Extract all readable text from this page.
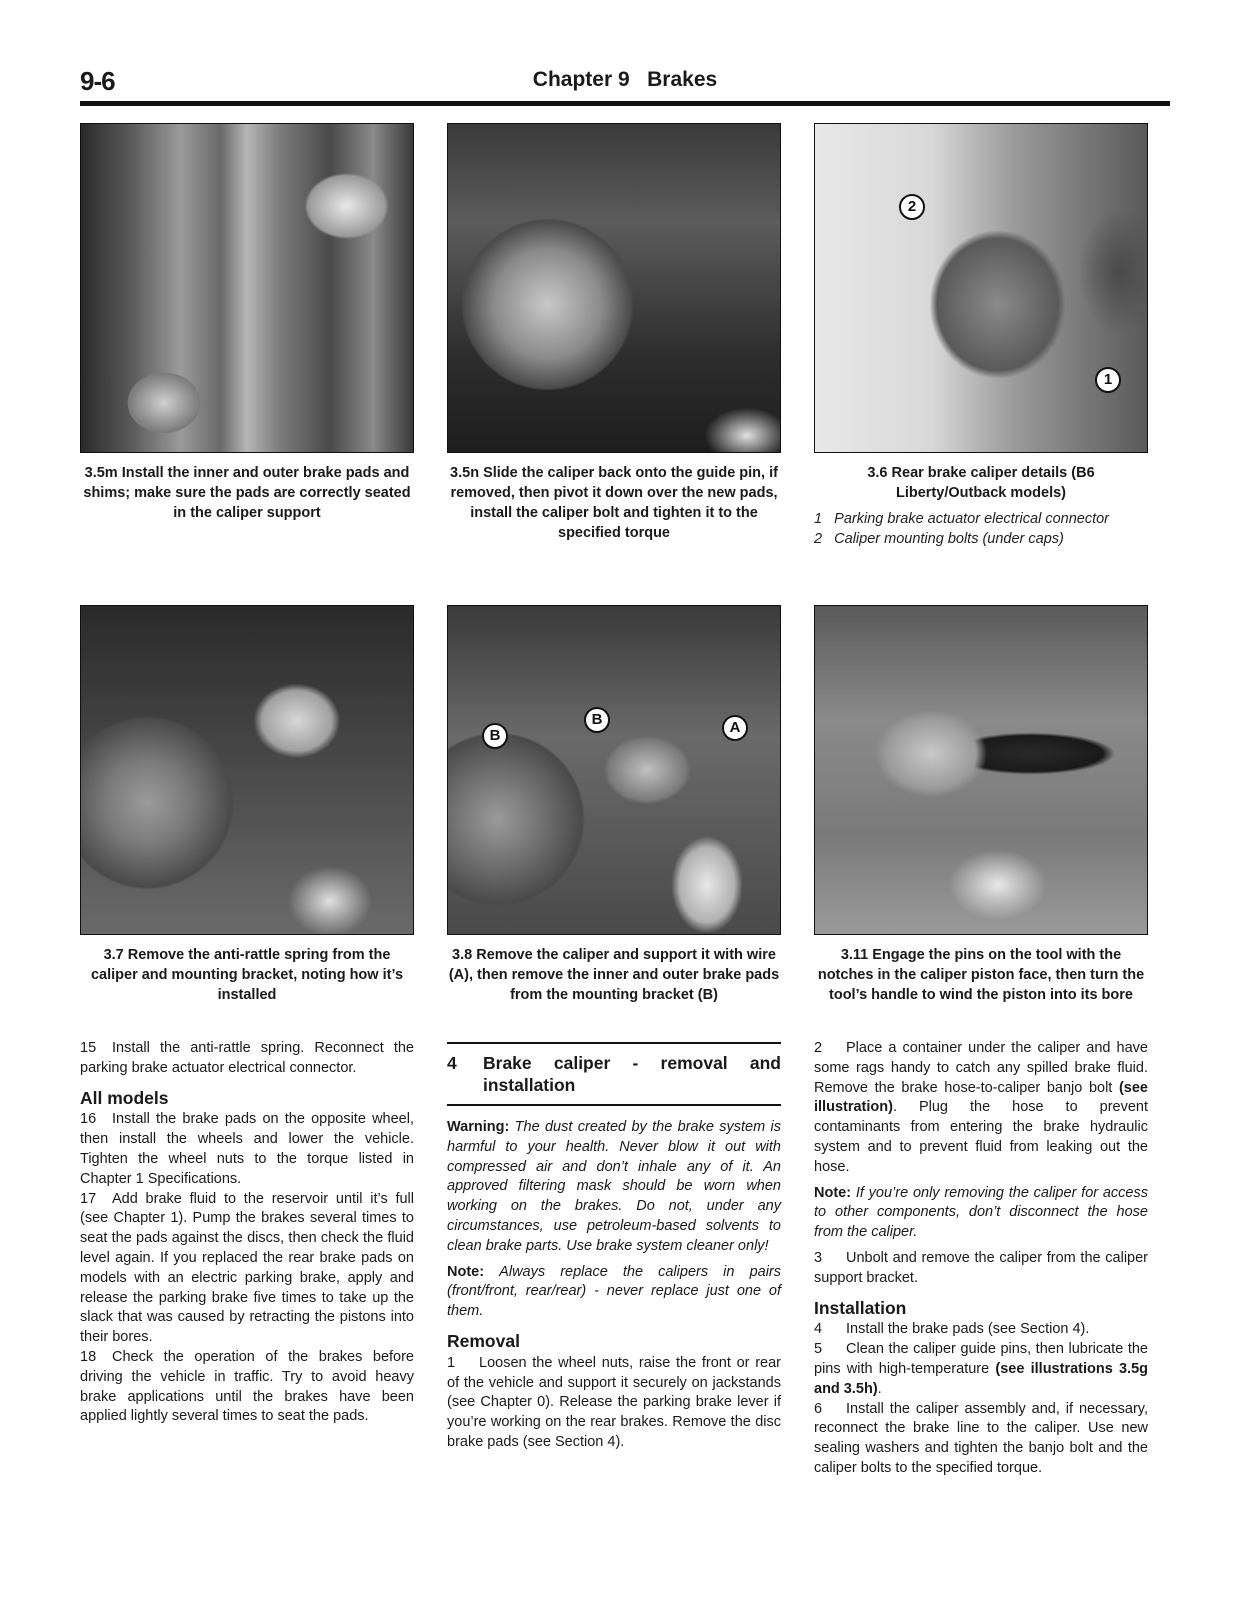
9-6	Chapter 9   Brakes
3.5m Install the inner and outer brake pads and shims; make sure the pads are correctly seated in the caliper support
3.5n Slide the caliper back onto the guide pin, if removed, then pivot it down over the new pads, install the caliper bolt and tighten it to the specified torque
2
1
3.6 Rear brake caliper details (B6 Liberty/Outback models)
1 Parking brake actuator electrical connector
2 Caliper mounting bolts (under caps)
3.7 Remove the anti-rattle spring from the caliper and mounting bracket, noting how it’s installed
B
B	A
3.8 Remove the caliper and support it with wire (A), then remove the inner and outer brake pads from the mounting bracket (B)
3.11 Engage the pins on the tool with the notches in the caliper piston face, then turn the tool’s handle to wind the piston into its bore

15 Install the anti-rattle spring. Reconnect the parking brake actuator electrical connector.

All models

16 Install the brake pads on the opposite wheel, then install the wheels and lower the vehicle. Tighten the wheel nuts to the torque listed in Chapter 1 Specifications.

17 Add brake fluid to the reservoir until it’s full (see Chapter 1). Pump the brakes several times to seat the pads against the discs, then check the fluid level again. If you replaced the rear brake pads on models with an electric parking brake, apply and release the parking brake five times to take up the slack that was caused by retracting the pistons into their bores.

18 Check the operation of the brakes before driving the vehicle in traffic. Try to avoid heavy brake applications until the brakes have been applied lightly several times to seat the pads.

4	Brake caliper - removal and installation

Warning: The dust created by the brake system is harmful to your health. Never blow it out with compressed air and don’t inhale any of it. An approved filtering mask should be worn when working on the brakes. Do not, under any circumstances, use petroleum-based solvents to clean brake parts. Use brake system cleaner only!

Note: Always replace the calipers in pairs (front/front, rear/rear) - never replace just one of them.

Removal

1 Loosen the wheel nuts, raise the front or rear of the vehicle and support it securely on jackstands (see Chapter 0). Release the parking brake lever if you’re working on the rear brakes. Remove the disc brake pads (see Section 4).

2 Place a container under the caliper and have some rags handy to catch any spilled brake fluid. Remove the brake hose-to-caliper banjo bolt (see illustration). Plug the hose to prevent contaminants from entering the brake hydraulic system and to prevent fluid from leaking out the hose.

Note: If you’re only removing the caliper for access to other components, don’t disconnect the hose from the caliper.

3 Unbolt and remove the caliper from the caliper support bracket.

Installation

4 Install the brake pads (see Section 4).

5 Clean the caliper guide pins, then lubricate the pins with high-temperature (see illustrations 3.5g and 3.5h).

6 Install the caliper assembly and, if necessary, reconnect the brake line to the caliper. Use new sealing washers and tighten the banjo bolt and the caliper bolts to the specified torque.
